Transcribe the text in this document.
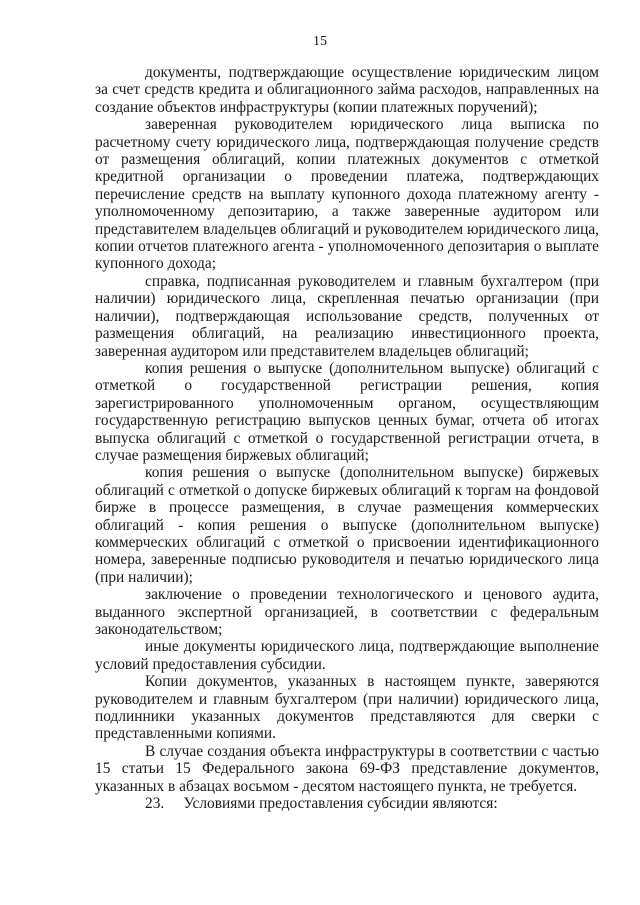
15

документы, подтверждающие осуществление юридическим лицом за счет средств кредита и облигационного займа расходов, направленных на создание объектов инфраструктуры (копии платежных поручений);

заверенная руководителем юридического лица выписка по расчетному счету юридического лица, подтверждающая получение средств от размещения облигаций, копии платежных документов с отметкой кредитной организации о проведении платежа, подтверждающих перечисление средств на выплату купонного дохода платежному агенту - уполномоченному депозитарию, а также заверенные аудитором или представителем владельцев облигаций и руководителем юридического лица, копии отчетов платежного агента - уполномоченного депозитария о выплате купонного дохода;

справка, подписанная руководителем и главным бухгалтером (при наличии) юридического лица, скрепленная печатью организации (при наличии), подтверждающая использование средств, полученных от размещения облигаций, на реализацию инвестиционного проекта, заверенная аудитором или представителем владельцев облигаций;

копия решения о выпуске (дополнительном выпуске) облигаций с отметкой о государственной регистрации решения, копия зарегистрированного уполномоченным органом, осуществляющим государственную регистрацию выпусков ценных бумаг, отчета об итогах выпуска облигаций с отметкой о государственной регистрации отчета, в случае размещения биржевых облигаций;

копия решения о выпуске (дополнительном выпуске) биржевых облигаций с отметкой о допуске биржевых облигаций к торгам на фондовой бирже в процессе размещения, в случае размещения коммерческих облигаций - копия решения о выпуске (дополнительном выпуске) коммерческих облигаций с отметкой о присвоении идентификационного номера, заверенные подписью руководителя и печатью юридического лица (при наличии);

заключение о проведении технологического и ценового аудита, выданного экспертной организацией, в соответствии с федеральным законодательством;

иные документы юридического лица, подтверждающие выполнение условий предоставления субсидии.

Копии документов, указанных в настоящем пункте, заверяются руководителем и главным бухгалтером (при наличии) юридического лица, подлинники указанных документов представляются для сверки с представленными копиями.

В случае создания объекта инфраструктуры в соответствии с частью 15 статьи 15 Федерального закона 69-ФЗ представление документов, указанных в абзацах восьмом - десятом настоящего пункта, не требуется.

23.     Условиями предоставления субсидии являются:
